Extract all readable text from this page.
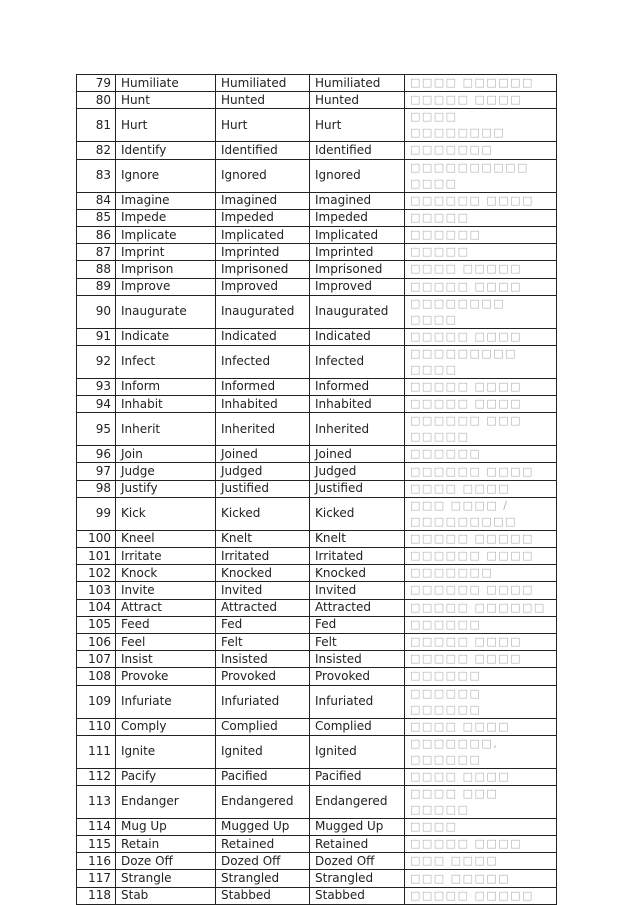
79	Humiliate	Humiliated	Humiliated	□□□□ □□□□□□
80	Hunt	Hunted	Hunted	□□□□□ □□□□
81	Hurt	Hurt	Hurt	□□□□ □□□□□□□□
82	Identify	Identified	Identified	□□□□□□□
83	Ignore	Ignored	Ignored	□□□□□□□□□□ □□□□
84	Imagine	Imagined	Imagined	□□□□□□ □□□□
85	Impede	Impeded	Impeded	□□□□□
86	Implicate	Implicated	Implicated	□□□□□□
87	Imprint	Imprinted	Imprinted	□□□□□
88	Imprison	Imprisoned	Imprisoned	□□□□ □□□□□
89	Improve	Improved	Improved	□□□□□ □□□□
90	Inaugurate	Inaugurated	Inaugurated	□□□□□□□□ □□□□
91	Indicate	Indicated	Indicated	□□□□□ □□□□
92	Infect	Infected	Infected	□□□□□□□□□ □□□□
93	Inform	Informed	Informed	□□□□□ □□□□
94	Inhabit	Inhabited	Inhabited	□□□□□ □□□□
95	Inherit	Inherited	Inherited	□□□□□□ □□□ □□□□□
96	Join	Joined	Joined	□□□□□□
97	Judge	Judged	Judged	□□□□□□ □□□□
98	Justify	Justified	Justified	□□□□ □□□□
99	Kick	Kicked	Kicked	□□□ □□□□ / □□□□□□□□□
100	Kneel	Knelt	Knelt	□□□□□ □□□□□
101	Irritate	Irritated	Irritated	□□□□□□ □□□□
102	Knock	Knocked	Knocked	□□□□□□□
103	Invite	Invited	Invited	□□□□□□ □□□□
104	Attract	Attracted	Attracted	□□□□□ □□□□□□
105	Feed	Fed	Fed	□□□□□□
106	Feel	Felt	Felt	□□□□□ □□□□
107	Insist	Insisted	Insisted	□□□□□ □□□□
108	Provoke	Provoked	Provoked	□□□□□□
109	Infuriate	Infuriated	Infuriated	□□□□□□ □□□□□□
110	Comply	Complied	Complied	□□□□ □□□□
111	Ignite	Ignited	Ignited	□□□□□□□, □□□□□□
112	Pacify	Pacified	Pacified	□□□□ □□□□
113	Endanger	Endangered	Endangered	□□□□ □□□ □□□□□
114	Mug Up	Mugged Up	Mugged Up	□□□□
115	Retain	Retained	Retained	□□□□□ □□□□
116	Doze Off	Dozed Off	Dozed Off	□□□ □□□□
117	Strangle	Strangled	Strangled	□□□ □□□□□
118	Stab	Stabbed	Stabbed	□□□□□ □□□□□
